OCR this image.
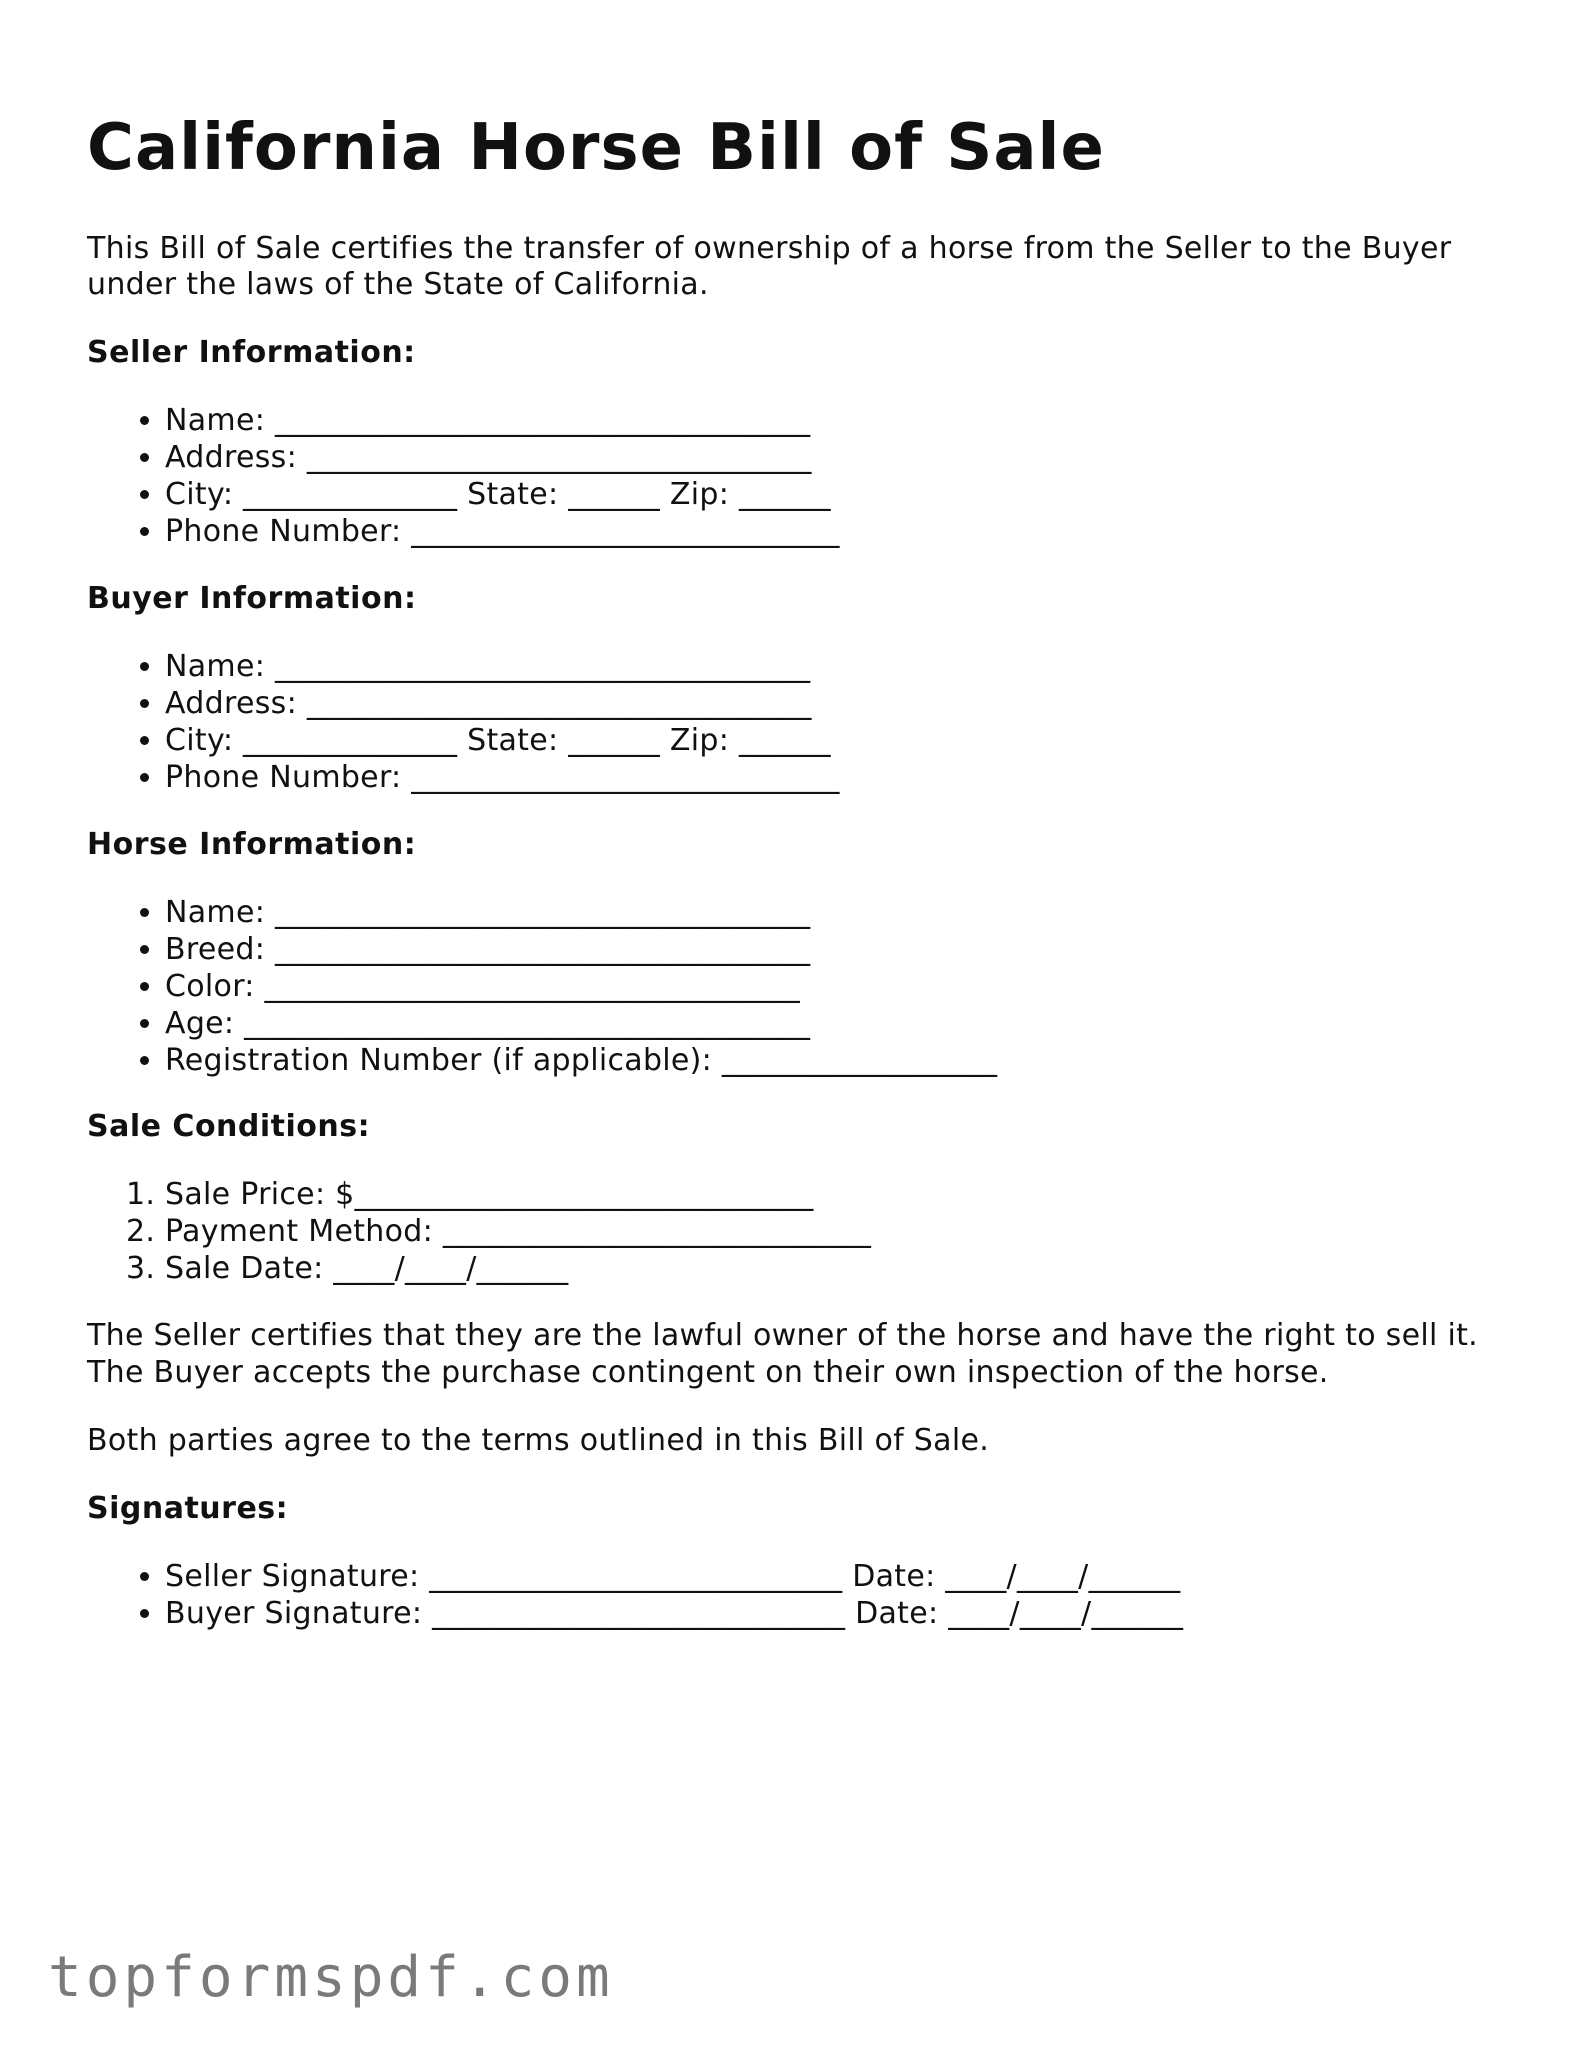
California Horse Bill of Sale

This Bill of Sale certifies the transfer of ownership of a horse from the Seller to the Buyer

under the laws of the State of California.

Seller Information:

• Name: ___________________________________
• Address: _________________________________
• City: ______________ State: ______ Zip: ______
• Phone Number: ____________________________

Buyer Information:

• Name: ___________________________________
• Address: _________________________________
• City: ______________ State: ______ Zip: ______
• Phone Number: ____________________________

Horse Information:

• Name: ___________________________________
• Breed: ___________________________________
• Color: ___________________________________
• Age: _____________________________________
• Registration Number (if applicable): __________________

Sale Conditions:

1. Sale Price: $______________________________
2. Payment Method: ____________________________
3. Sale Date: ____/____/______

The Seller certifies that they are the lawful owner of the horse and have the right to sell it.

The Buyer accepts the purchase contingent on their own inspection of the horse.

Both parties agree to the terms outlined in this Bill of Sale.

Signatures:

• Seller Signature: ___________________________ Date: ____/____/______
• Buyer Signature: ___________________________ Date: ____/____/______
topformspdf.com
